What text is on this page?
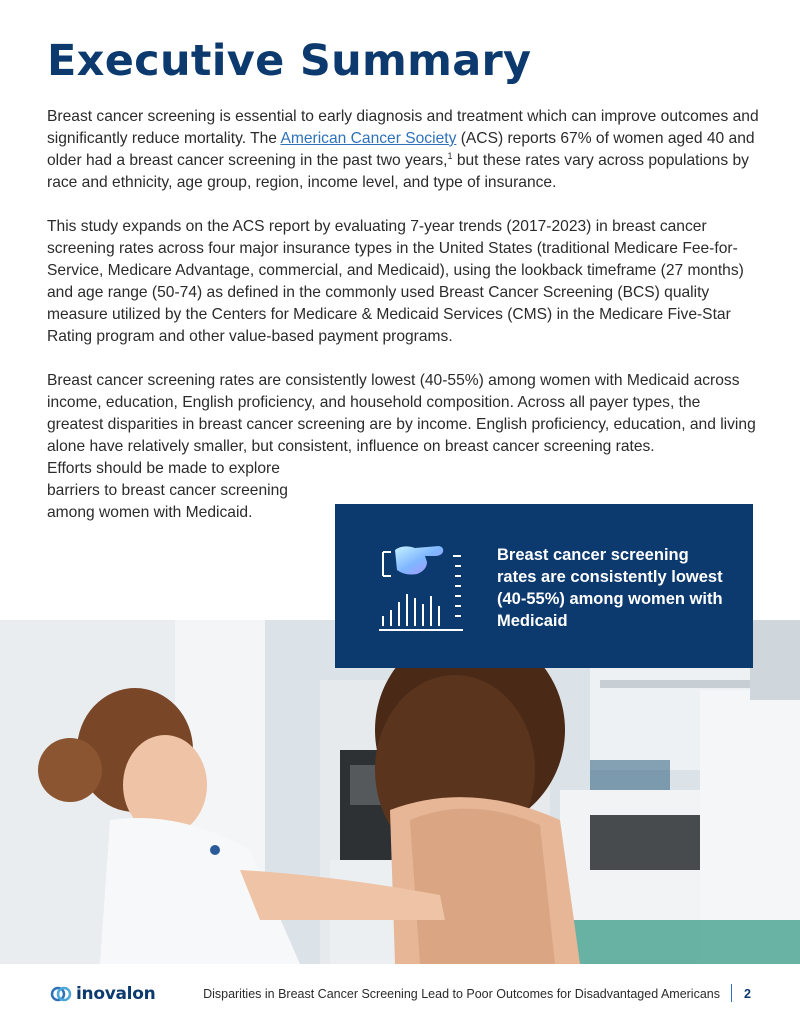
Executive Summary

Breast cancer screening is essential to early diagnosis and treatment which can improve outcomes and significantly reduce mortality. The American Cancer Society (ACS) reports 67% of women aged 40 and older had a breast cancer screening in the past two years,$^1$ but these rates vary across populations by race and ethnicity, age group, region, income level, and type of insurance.

This study expands on the ACS report by evaluating 7-year trends (2017-2023) in breast cancer screening rates across four major insurance types in the United States (traditional Medicare Fee-for-Service, Medicare Advantage, commercial, and Medicaid), using the lookback timeframe (27 months) and age range (50-74) as defined in the commonly used Breast Cancer Screening (BCS) quality measure utilized by the Centers for Medicare & Medicaid Services (CMS) in the Medicare Five-Star Rating program and other value-based payment programs.

Breast cancer screening rates are consistently lowest (40-55%) among women with Medicaid across income, education, English proficiency, and household composition. Across all payer types, the greatest disparities in breast cancer screening are by income. English proficiency, education, and living alone have relatively smaller, but consistent, influence on breast cancer screening rates.
Efforts should be made to explore
barriers to breast cancer screening
among women with Medicaid.

Breast cancer screening rates are consistently lowest (40-55%) among women with Medicaid
inovalon	Disparities in Breast Cancer Screening Lead to Poor Outcomes for Disadvantaged Americans 2
